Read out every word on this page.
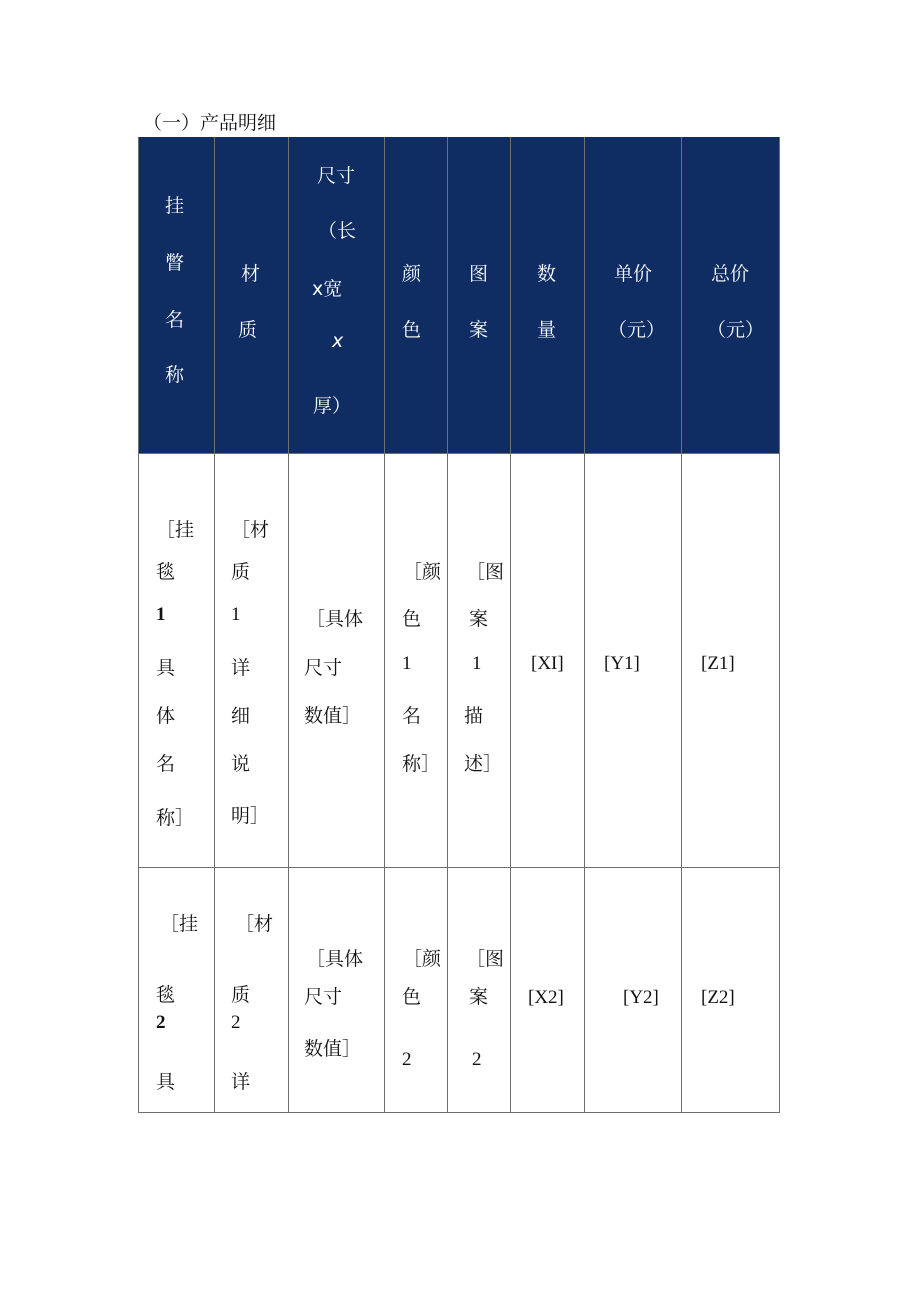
（一）产品明细
挂
瞥
名
称
材
质
尺寸
（长
x宽
x
厚）
颜
色
图
案
数
量
单价
（元）
总价
（元）
［挂
毯
1
具
体
名
称］
［材
质
1
详
细
说
明］
［具体
尺寸
数值］
［颜
色
1
名
称］
［图
案
1
描
述］
[XI] [Y1]	[Z1]
［挂
毯
2
具
［材
质
2
详
［具体
尺寸
数值］
［颜
色
2
［图
案
2
[X2]	[Y2] [Z2]
